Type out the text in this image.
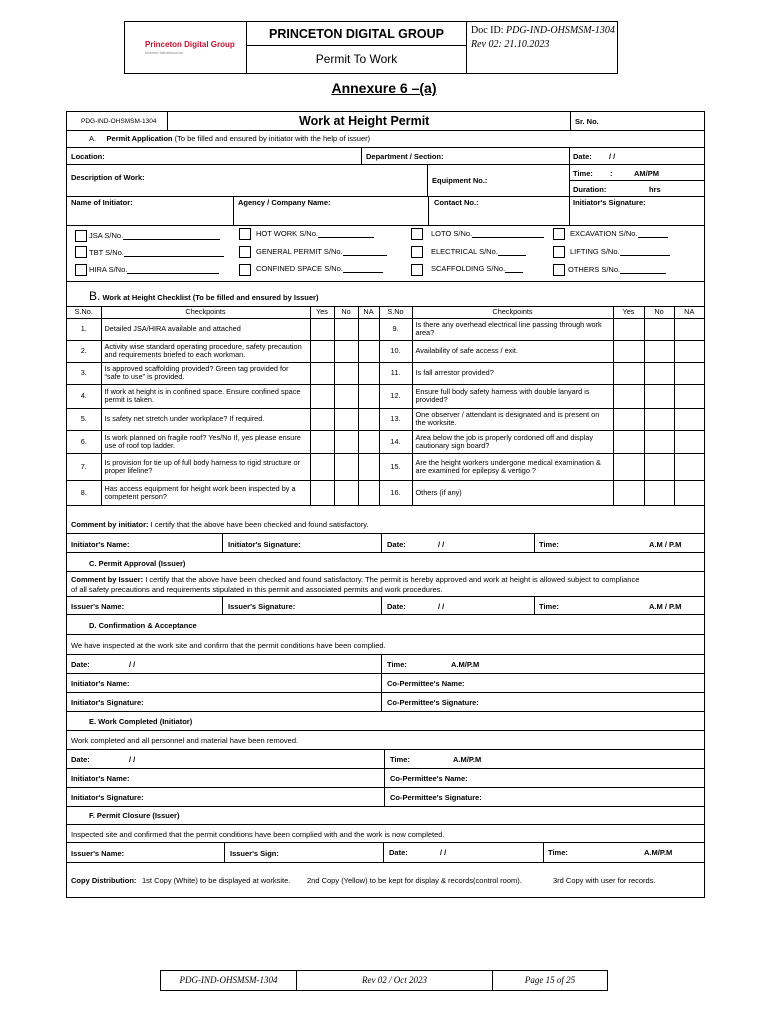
Princeton Digital Group
Internet Infrastructure
PRINCETON DIGITAL GROUP
Permit To Work
Doc ID: PDG-IND-OHSMSM-1304
Rev 02: 21.10.2023
Annexure 6 –(a)
PDG-IND-OHSMSM-1304	Work at Height Permit	Sr. No.
A. Permit Application (To be filled and ensured by initiator with the help of issuer)
Location:	Department / Section:	Date: / /
Description of Work:	Equipment No.:
Time: :	AM/PM
Duration:	hrs
Name of Initiator:	Agency / Company Name:	Contact No.:	Initiator's Signature:
JSA S/No.	HOT WORK S/No.	LOTO S/No.	EXCAVATION S/No.
TBT S/No.	GENERAL PERMIT S/No.	ELECTRICAL S/No.	LIFTING S/No.
HIRA S/No.	CONFINED SPACE S/No.	SCAFFOLDING S/No.	OTHERS S/No.
B. Work at Height Checklist (To be filled and ensured by Issuer)
S.No.	Checkpoints	Yes	No	NA	S.No	Checkpoints	Yes	No	NA
1.	Detailed JSA/HIRA available and attached				9.	Is there any overhead electrical line passing through work area?			
2.	Activity wise standard operating procedure, safety precaution and requirements briefed to each workman.				10.	Availability of safe access / exit.			
3.	Is approved scaffolding provided? Green tag provided for “safe to use” is provided.				11.	Is fall arrestor provided?			
4.	If work at height is in confined space. Ensure confined space permit is taken.				12.	Ensure full body safety harness with double lanyard is provided?			
5.	Is safety net stretch under workplace? If required.				13.	One observer / attendant is designated and is present on the worksite.			
6.	Is work planned on fragile roof? Yes/No If, yes please ensure use of roof top ladder.				14.	Area below the job is properly cordoned off and display cautionary sign board?			
7.	Is provision for tie up of full body harness to rigid structure or proper lifeline?				15.	Are the height workers undergone medical examination & are examined for epilepsy & vertigo ?			
8.	Has access equipment for height work been inspected by a competent person?				16.	Others (if any)			
Comment by initiator: I certify that the above have been checked and found satisfactory.
Initiator's Name:	Initiator's Signature:	Date:	/ /	Time:	A.M / P.M
C. Permit Approval (Issuer)
Comment by Issuer: I certify that the above have been checked and found satisfactory. The permit is hereby approved and work at height is allowed subject to compliance
of all safety precautions and requirements stipulated in this permit and associated permits and work procedures.
Issuer's Name:	Issuer's Signature:	Date:	/ /	Time:	A.M / P.M
D. Confirmation & Acceptance
We have inspected at the work site and confirm that the permit conditions have been complied.
Date:	/ /	Time:	A.M/P.M
Initiator's Name:	Co-Permittee's Name:
Initiator's Signature:	Co-Permittee's Signature:
E. Work Completed (Initiator)
Work completed and all personnel and material have been removed.
Date:	/ /	Time:	A.M/P.M
Initiator's Name:	Co-Permittee's Name:
Initiator's Signature:	Co-Permittee's Signature:
F. Permit Closure (Issuer)
Inspected site and confirmed that the permit conditions have been complied with and the work is now completed.
Issuer's Name:	Issuer's Sign:	Date:	/ /	Time:	A.M/P.M
Copy Distribution: 1st Copy (White) to be displayed at worksite. 2nd Copy (Yellow) to be kept for display & records(control room).	3rd Copy with user for records.
PDG-IND-OHSMSM-1304	Rev 02 / Oct 2023	Page 15 of 25
